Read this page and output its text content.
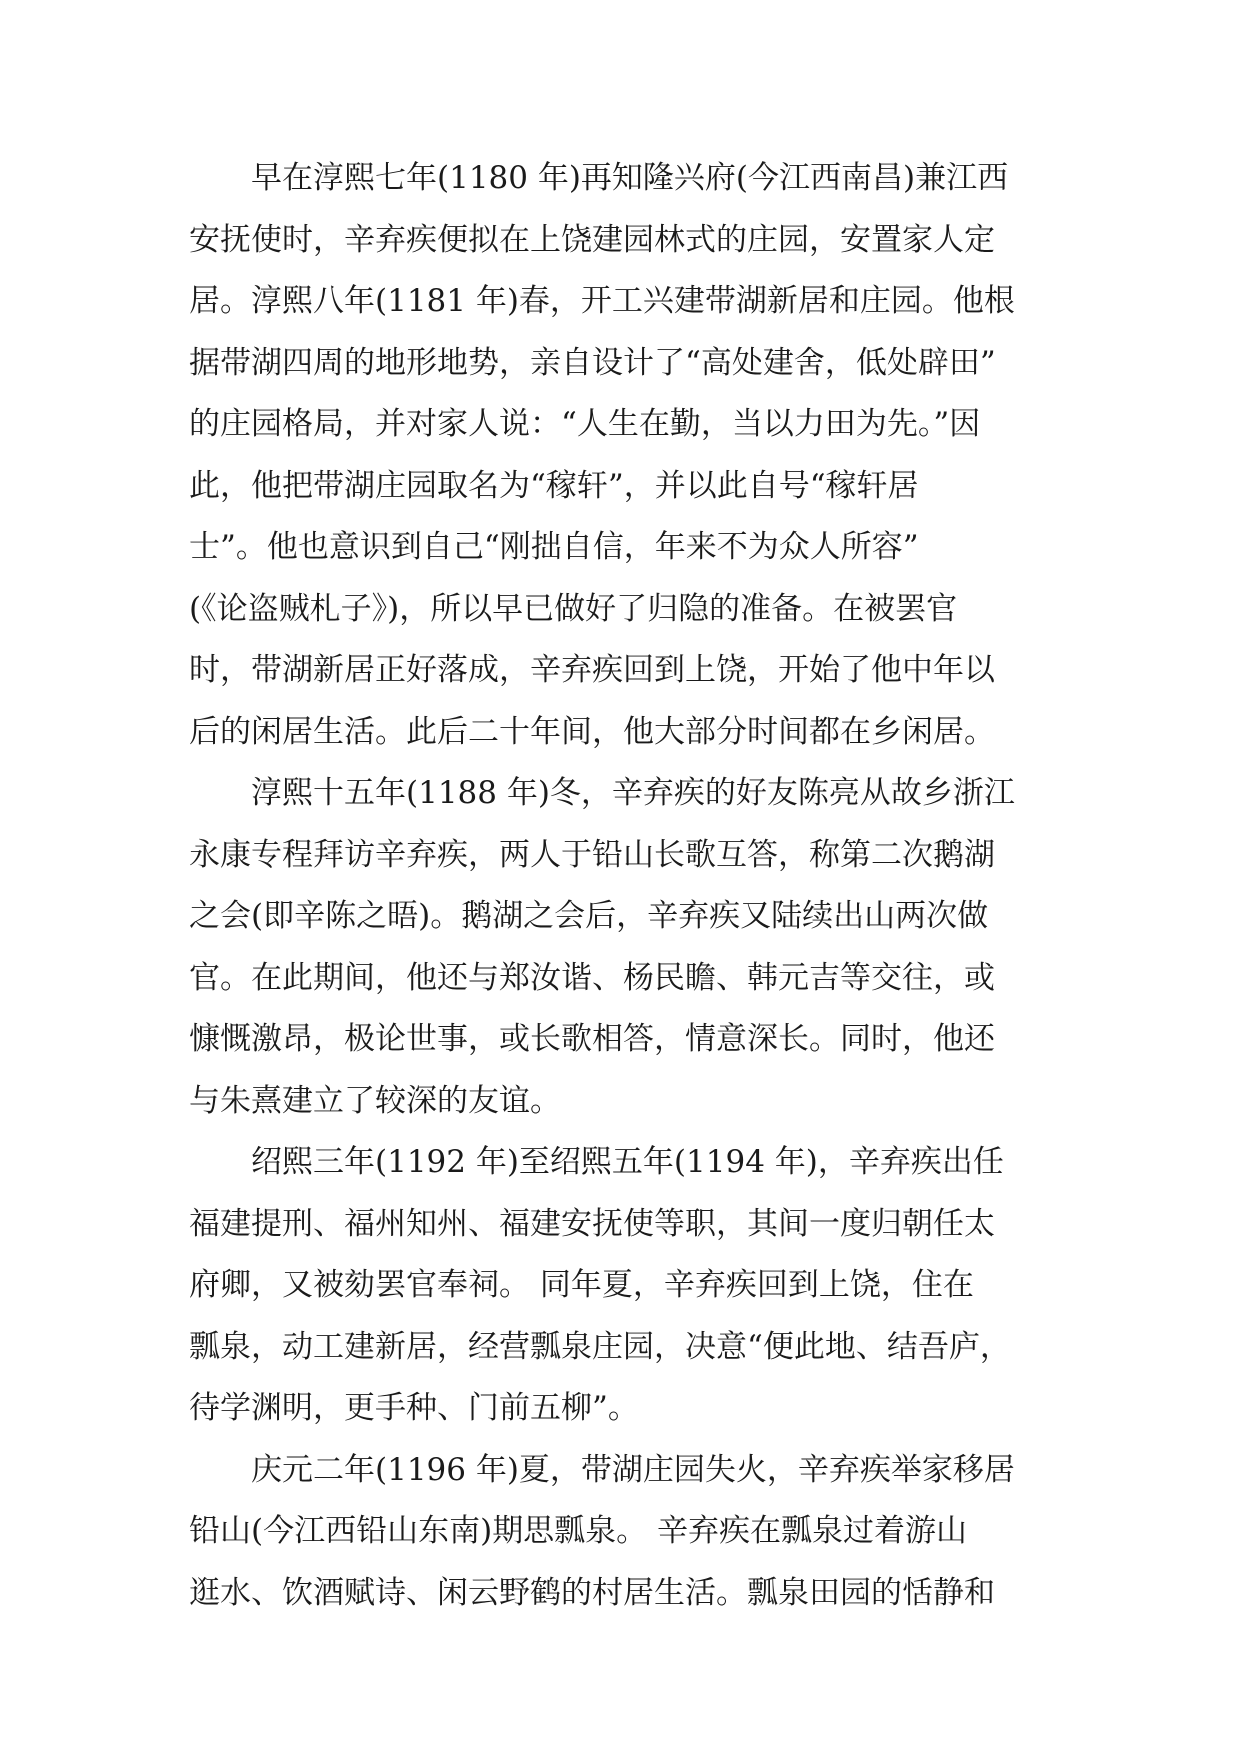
早在淳熙七年(1180 年)再知隆兴府(今江西南昌)兼江西
安抚使时，辛弃疾便拟在上饶建园林式的庄园，安置家人定
居。淳熙八年(1181 年)春，开工兴建带湖新居和庄园。他根
据带湖四周的地形地势，亲自设计了“高处建舍，低处辟田”
的庄园格局，并对家人说：“人生在勤，当以力田为先。”因
此，他把带湖庄园取名为“稼轩”，并以此自号“稼轩居
士”。他也意识到自己“刚拙自信，年来不为众人所容”
(《论盗贼札子》)，所以早已做好了归隐的准备。在被罢官
时，带湖新居正好落成，辛弃疾回到上饶，开始了他中年以
后的闲居生活。此后二十年间，他大部分时间都在乡闲居。
淳熙十五年(1188 年)冬，辛弃疾的好友陈亮从故乡浙江
永康专程拜访辛弃疾，两人于铅山长歌互答，称第二次鹅湖
之会(即辛陈之晤)。鹅湖之会后，辛弃疾又陆续出山两次做
官。在此期间，他还与郑汝谐、杨民瞻、韩元吉等交往，或
慷慨激昂，极论世事，或长歌相答，情意深长。同时，他还
与朱熹建立了较深的友谊。
绍熙三年(1192 年)至绍熙五年(1194 年)，辛弃疾出任
福建提刑、福州知州、福建安抚使等职，其间一度归朝任太
府卿，又被劾罢官奉祠。 同年夏，辛弃疾回到上饶，住在
瓢泉，动工建新居，经营瓢泉庄园，决意“便此地、结吾庐，
待学渊明，更手种、门前五柳”。
庆元二年(1196 年)夏，带湖庄园失火，辛弃疾举家移居
铅山(今江西铅山东南)期思瓢泉。 辛弃疾在瓢泉过着游山
逛水、饮酒赋诗、闲云野鹤的村居生活。瓢泉田园的恬静和
